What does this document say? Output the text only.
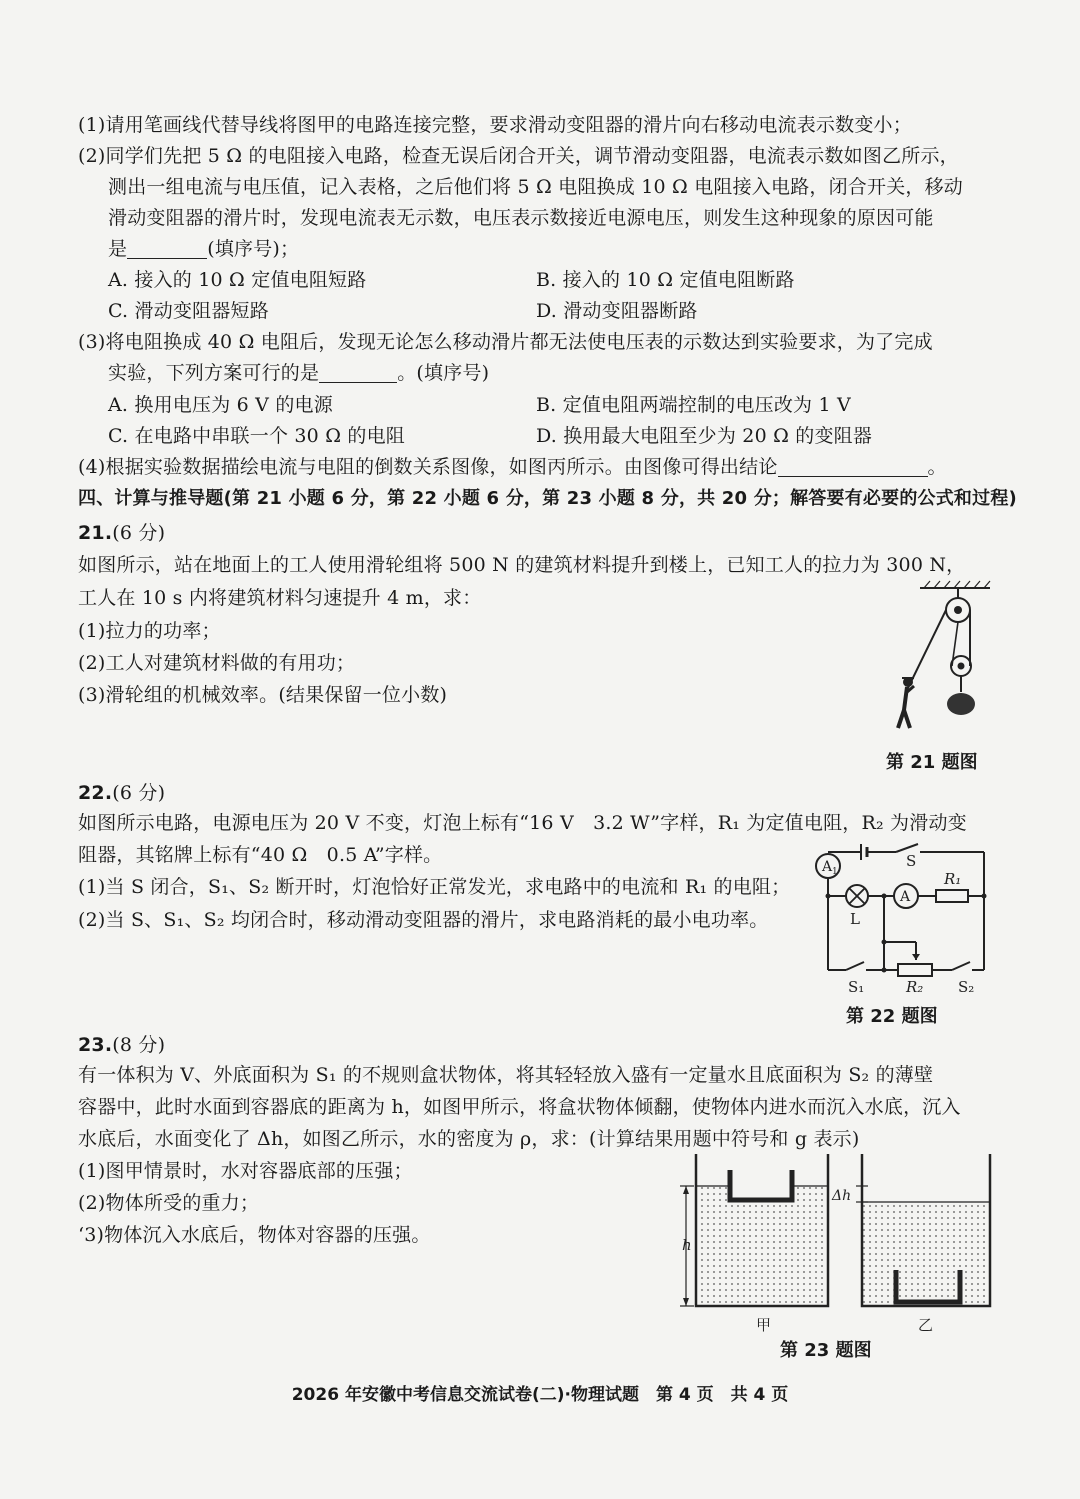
(1)请用笔画线代替导线将图甲的电路连接完整，要求滑动变阻器的滑片向右移动电流表示数变小；
(2)同学们先把 5 Ω 的电阻接入电路，检查无误后闭合开关，调节滑动变阻器，电流表示数如图乙所示，
测出一组电流与电压值，记入表格，之后他们将 5 Ω 电阻换成 10 Ω 电阻接入电路，闭合开关，移动
滑动变阻器的滑片时，发现电流表无示数，电压表示数接近电源电压，则发生这种现象的原因可能
是	(填序号)；
A. 接入的 10 Ω 定值电阻短路	B. 接入的 10 Ω 定值电阻断路
C. 滑动变阻器短路	D. 滑动变阻器断路
(3)将电阻换成 40 Ω 电阻后，发现无论怎么移动滑片都无法使电压表的示数达到实验要求，为了完成
实验，下列方案可行的是	。(填序号)
A. 换用电压为 6 V 的电源	B. 定值电阻两端控制的电压改为 1 V
C. 在电路中串联一个 30 Ω 的电阻	D. 换用最大电阻至少为 20 Ω 的变阻器
(4)根据实验数据描绘电流与电阻的倒数关系图像，如图丙所示。由图像可得出结论	。
四、计算与推导题(第 21 小题 6 分，第 22 小题 6 分，第 23 小题 8 分，共 20 分；解答要有必要的公式和过程)
21.(6 分)
如图所示，站在地面上的工人使用滑轮组将 500 N 的建筑材料提升到楼上，已知工人的拉力为 300 N，
工人在 10 s 内将建筑材料匀速提升 4 m，求：
(1)拉力的功率；
(2)工人对建筑材料做的有用功；
(3)滑轮组的机械效率。(结果保留一位小数)
第 21 题图
22.(6 分)
如图所示电路，电源电压为 20 V 不变，灯泡上标有“16 V　3.2 W”字样，R₁ 为定值电阻，R₂ 为滑动变
阻器，其铭牌上标有“40 Ω　0.5 A”字样。
(1)当 S 闭合，S₁、S₂ 断开时，灯泡恰好正常发光，求电路中的电流和 R₁ 的电阻；
(2)当 S、S₁、S₂ 均闭合时，移动滑动变阻器的滑片，求电路消耗的最小电功率。
A 1
A
S
R₁
L
S₁	R₂ S₂
第 22 题图
23.(8 分)
有一体积为 V、外底面积为 S₁ 的不规则盒状物体，将其轻轻放入盛有一定量水且底面积为 S₂ 的薄壁
容器中，此时水面到容器底的距离为 h，如图甲所示，将盒状物体倾翻，使物体内进水而沉入水底，沉入
水底后，水面变化了 Δh，如图乙所示，水的密度为 ρ，求：(计算结果用题中符号和 g 表示)
(1)图甲情景时，水对容器底部的压强；
(2)物体所受的重力；
‘3)物体沉入水底后，物体对容器的压强。	h
Δh
甲	乙
第 23 题图
2026 年安徽中考信息交流试卷(二)·物理试题　第 4 页　共 4 页
